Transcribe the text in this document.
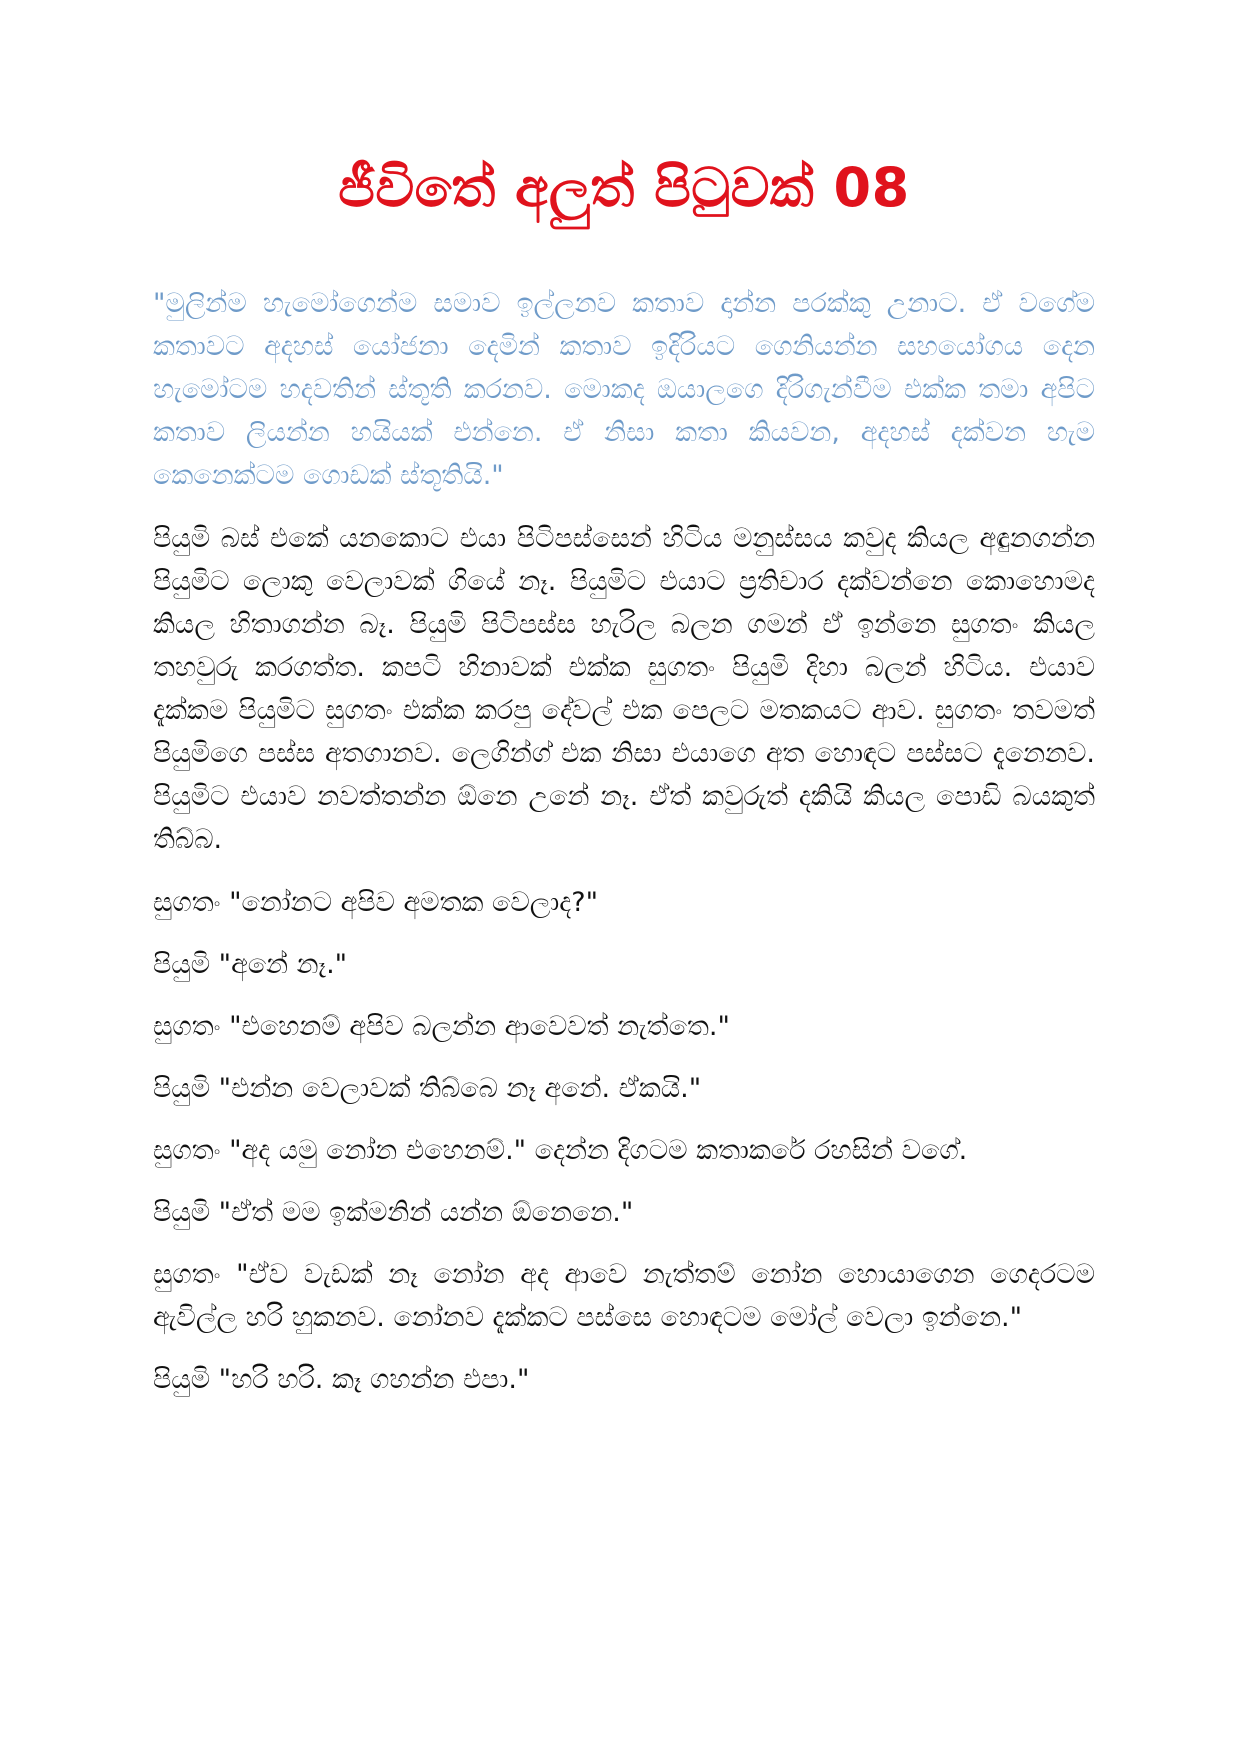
ජීවිතේ අලුත් පිටුවක් 08

"මුලින්ම හැමෝගෙන්ම සමාව ඉල්ලනව කතාව දාන්න පරක්කු උනාට. ඒ වගේම කතාවට අදහස් යෝජනා දෙමින් කතාව ඉදිරියට ගෙනියන්න සහයෝගය දෙන හැමෝටම හදවතින් ස්තූති කරනව. මොකද ඔයාලගෙ දිරිගැන්වීම එක්ක තමා අපිට කතාව ලියන්න හයියක් එන්නෙ. ඒ නිසා කතා කියවන, අදහස් දක්වන හැම කෙනෙක්ටම ගොඩක් ස්තූතියි."

පියුමි බස් එකේ යනකොට එයා පිටිපස්සෙන් හිටිය මනුස්සය කවුද කියල අඳුනගන්න පියුමිට ලොකු වෙලාවක් ගියේ නෑ. පියුමිට එයාට ප්‍රතිචාර දක්වන්නෙ කොහොමද කියල හිතාගන්න බෑ. පියුමි පිටිපස්ස හැරිල බලන ගමන් ඒ ඉන්නෙ සුගතං කියල තහවුරු කරගත්ත. කපටි හිනාවක් එක්ක සුගතං පියුමි දිහා බලන් හිටිය. එයාව දැක්කම පියුමිට සුගතං එක්ක කරපු දේවල් එක පෙලට මතකයට ආව. සුගතං තවමත් පියුමිගෙ පස්ස අතගානව. ලෙගින්ග් එක නිසා එයාගෙ අත හොඳට පස්සට දැනෙනව. පියුමිට එයාව නවත්තන්න ඕනෙ උනේ නෑ. ඒත් කවුරුත් දකියි කියල පොඩි බයකුත් තිබ්බ.

සුගතං "නෝනට අපිව අමතක වෙලාද?"

පියුමි "අනේ නෑ."

සුගතං "එහෙනම් අපිව බලන්න ආවෙවත් නැත්තෙ."

පියුමි "එන්න වෙලාවක් තිබ්බෙ නෑ අනේ. ඒකයි."

සුගතං "අද යමු නෝන එහෙනම්." දෙන්න දිගටම කතාකරේ රහසින් වගේ.

පියුමි "ඒත් මම ඉක්මනින් යන්න ඕනෙනෙ."

සුගතං "ඒව වැඩක් නෑ නෝන අද ආවෙ නැත්තම් නෝන හොයාගෙන ගෙදරටම ඇවිල්ල හරි හුකනව. නෝනව දැක්කට පස්සෙ හොඳටම මෝල් වෙලා ඉන්නෙ."

පියුමි "හරි හරි. කෑ ගහන්න එපා."
